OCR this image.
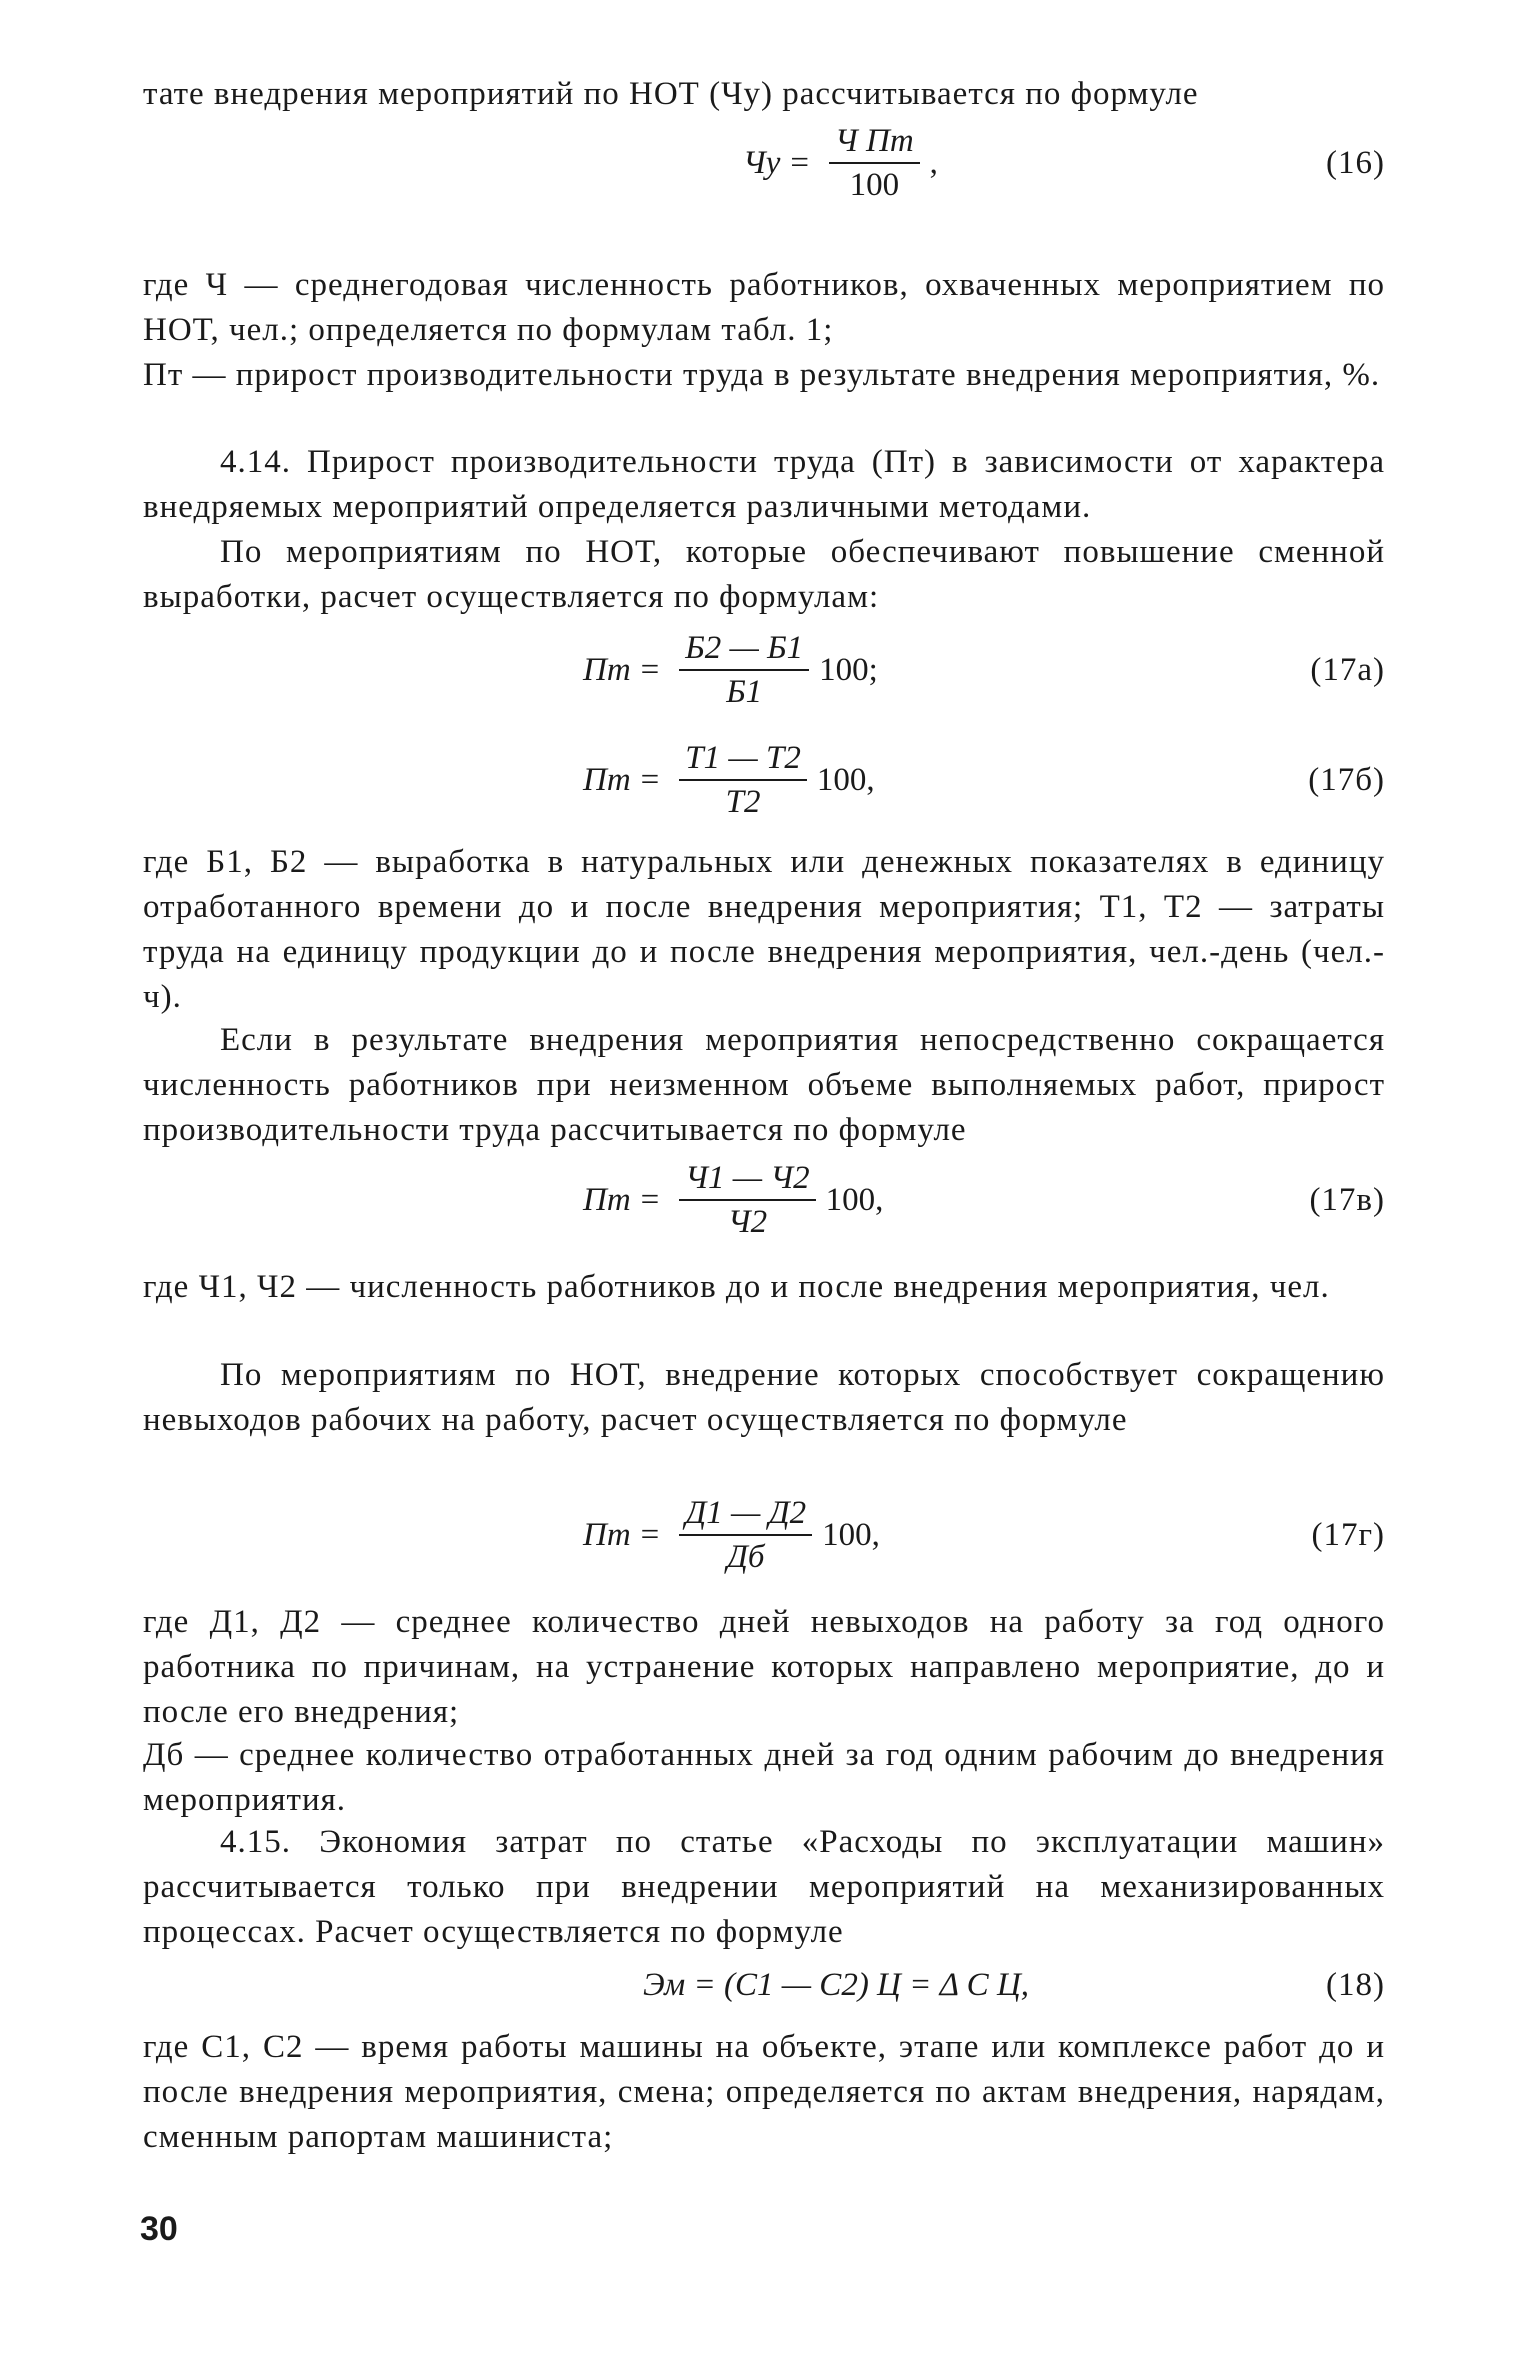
тате внедрения мероприятий по НОТ (Чу) рассчитывается по формуле

Чу = $\frac{\text{Ч Пт}}{100}$ ,	(16)

где Ч — среднегодовая численность работников, охваченных мероприятием по НОТ, чел.; определяется по формулам табл. 1;

Пт — прирост производительности труда в результате внедрения мероприятия, %.

4.14. Прирост производительности труда (Пт) в зависимости от характера внедряемых мероприятий определяется различными методами.

По мероприятиям по НОТ, которые обеспечивают повышение сменной выработки, расчет осуществляется по формулам:

Пт = $\frac{Б2 — Б1}{Б1} 100$;	(17а)
Пт = $\frac{Т1 — Т2}{Т2} 100$,	(17б)

где Б1, Б2 — выработка в натуральных или денежных показателях в единицу отработанного времени до и после внедрения мероприятия; Т1, Т2 — затраты труда на единицу продукции до и после внедрения мероприятия, чел.-день (чел.-ч).

Если в результате внедрения мероприятия непосредственно сокращается численность работников при неизменном объеме выполняемых работ, прирост производительности труда рассчитывается по формуле

Пт = $\frac{Ч1 — Ч2}{Ч2} 100$,	(17в)

где Ч1, Ч2 — численность работников до и после внедрения мероприятия, чел.

По мероприятиям по НОТ, внедрение которых способствует сокращению невыходов рабочих на работу, расчет осуществляется по формуле

Пт = $\frac{Д1 — Д2}{Дб} 100$,	(17г)

где Д1, Д2 — среднее количество дней невыходов на работу за год одного работника по причинам, на устранение которых направлено мероприятие, до и после его внедрения;

Дб — среднее количество отработанных дней за год одним рабочим до внедрения мероприятия.

4.15. Экономия затрат по статье «Расходы по эксплуатации машин» рассчитывается только при внедрении мероприятий на механизированных процессах. Расчет осуществляется по формуле

Эм = (С1 — С2) Ц = Δ С Ц,	(18)

где С1, С2 — время работы машины на объекте, этапе или комплексе работ до и после внедрения мероприятия, смена; определяется по актам внедрения, нарядам, сменным рапортам машиниста;

30
